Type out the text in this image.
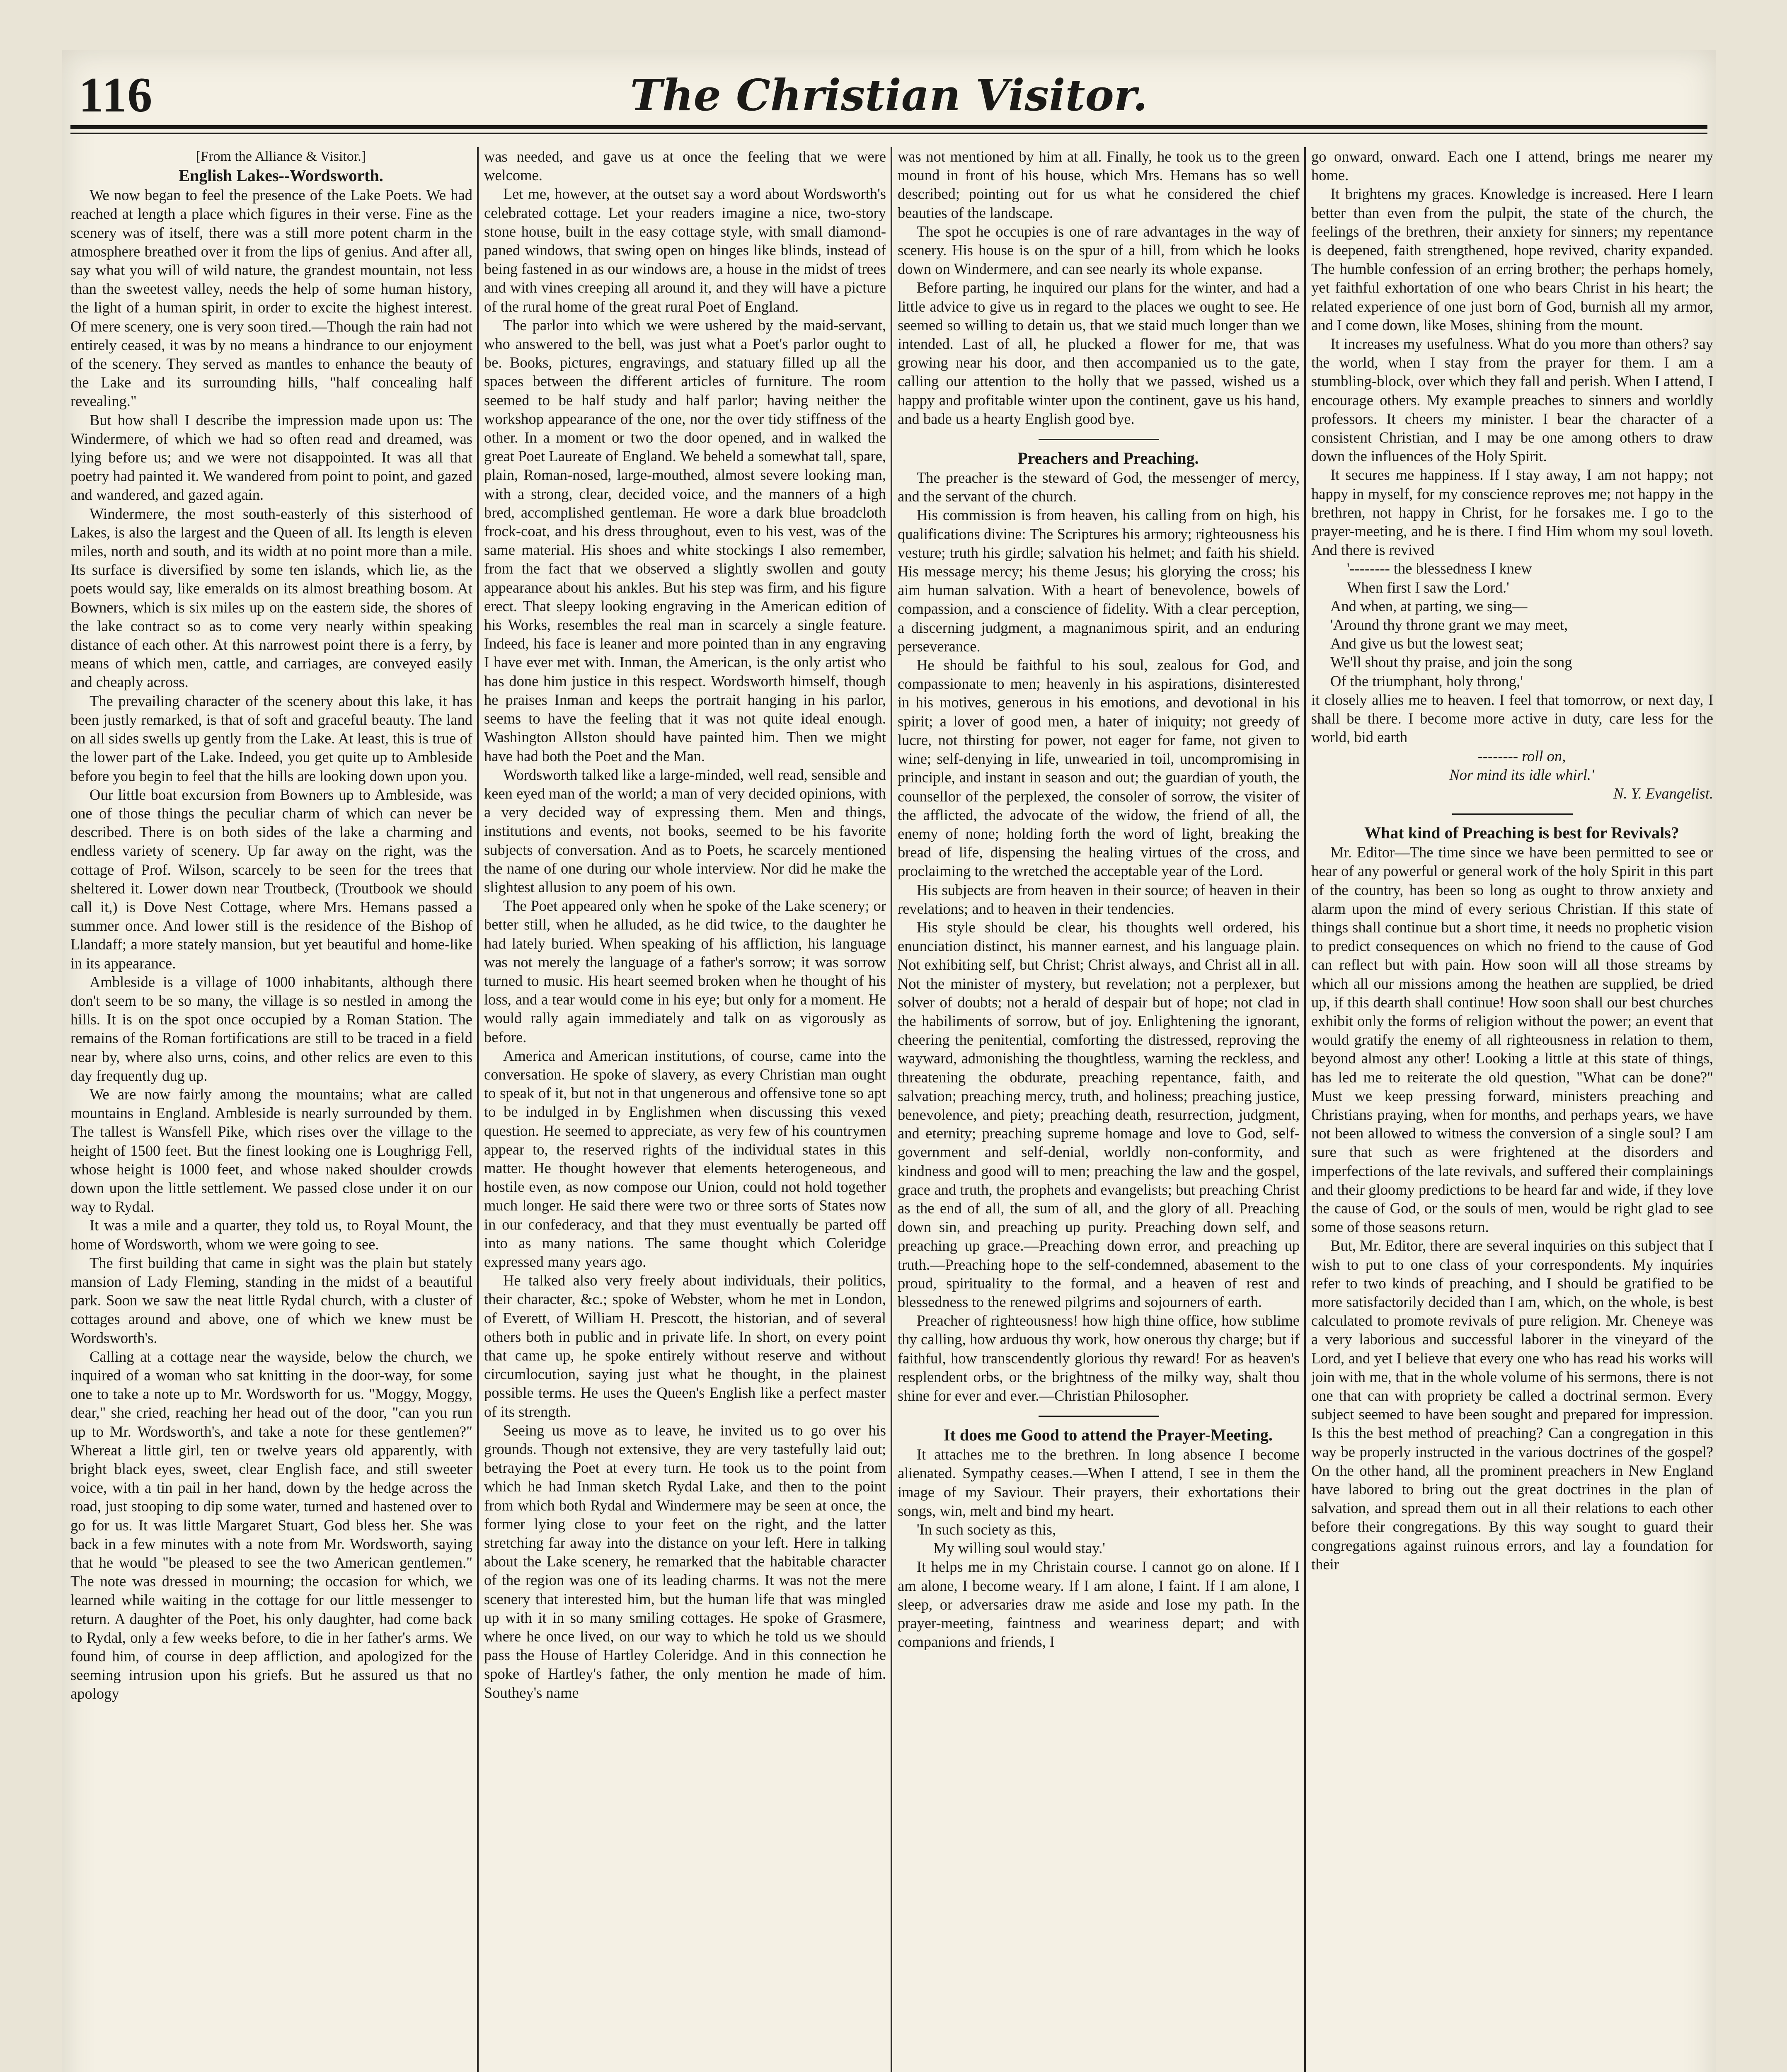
116	The Christian Visitor.

[From the Alliance & Visitor.]

English Lakes--Wordsworth.

We now began to feel the presence of the Lake Poets. We had reached at length a place which figures in their verse. Fine as the scenery was of itself, there was a still more potent charm in the atmosphere breathed over it from the lips of genius. And after all, say what you will of wild nature, the grandest mountain, not less than the sweetest valley, needs the help of some human history, the light of a human spirit, in order to excite the highest interest. Of mere scenery, one is very soon tired.—Though the rain had not entirely ceased, it was by no means a hindrance to our enjoyment of the scenery. They served as mantles to enhance the beauty of the Lake and its surrounding hills, "half concealing half revealing."

But how shall I describe the impression made upon us: The Windermere, of which we had so often read and dreamed, was lying before us; and we were not disappointed. It was all that poetry had painted it. We wandered from point to point, and gazed and wandered, and gazed again.

Windermere, the most south-easterly of this sisterhood of Lakes, is also the largest and the Queen of all. Its length is eleven miles, north and south, and its width at no point more than a mile. Its surface is diversified by some ten islands, which lie, as the poets would say, like emeralds on its almost breathing bosom. At Bowners, which is six miles up on the eastern side, the shores of the lake contract so as to come very nearly within speaking distance of each other. At this narrowest point there is a ferry, by means of which men, cattle, and carriages, are conveyed easily and cheaply across.

The prevailing character of the scenery about this lake, it has been justly remarked, is that of soft and graceful beauty. The land on all sides swells up gently from the Lake. At least, this is true of the lower part of the Lake. Indeed, you get quite up to Ambleside before you begin to feel that the hills are looking down upon you.

Our little boat excursion from Bowners up to Ambleside, was one of those things the peculiar charm of which can never be described. There is on both sides of the lake a charming and endless variety of scenery. Up far away on the right, was the cottage of Prof. Wilson, scarcely to be seen for the trees that sheltered it. Lower down near Troutbeck, (Troutbook we should call it,) is Dove Nest Cottage, where Mrs. Hemans passed a summer once. And lower still is the residence of the Bishop of Llandaff; a more stately mansion, but yet beautiful and home-like in its appearance.

Ambleside is a village of 1000 inhabitants, although there don't seem to be so many, the village is so nestled in among the hills. It is on the spot once occupied by a Roman Station. The remains of the Roman fortifications are still to be traced in a field near by, where also urns, coins, and other relics are even to this day frequently dug up.

We are now fairly among the mountains; what are called mountains in England. Ambleside is nearly surrounded by them. The tallest is Wansfell Pike, which rises over the village to the height of 1500 feet. But the finest looking one is Loughrigg Fell, whose height is 1000 feet, and whose naked shoulder crowds down upon the little settlement. We passed close under it on our way to Rydal.

It was a mile and a quarter, they told us, to Royal Mount, the home of Wordsworth, whom we were going to see.

The first building that came in sight was the plain but stately mansion of Lady Fleming, standing in the midst of a beautiful park. Soon we saw the neat little Rydal church, with a cluster of cottages around and above, one of which we knew must be Wordsworth's.

Calling at a cottage near the wayside, below the church, we inquired of a woman who sat knitting in the door-way, for some one to take a note up to Mr. Wordsworth for us. "Moggy, Moggy, dear," she cried, reaching her head out of the door, "can you run up to Mr. Wordsworth's, and take a note for these gentlemen?" Whereat a little girl, ten or twelve years old apparently, with bright black eyes, sweet, clear English face, and still sweeter voice, with a tin pail in her hand, down by the hedge across the road, just stooping to dip some water, turned and hastened over to go for us. It was little Margaret Stuart, God bless her. She was back in a few minutes with a note from Mr. Wordsworth, saying that he would "be pleased to see the two American gentlemen." The note was dressed in mourning; the occasion for which, we learned while waiting in the cottage for our little messenger to return. A daughter of the Poet, his only daughter, had come back to Rydal, only a few weeks before, to die in her father's arms. We found him, of course in deep affliction, and apologized for the seeming intrusion upon his griefs. But he assured us that no apology

was needed, and gave us at once the feeling that we were welcome.

Let me, however, at the outset say a word about Wordsworth's celebrated cottage. Let your readers imagine a nice, two-story stone house, built in the easy cottage style, with small diamond-paned windows, that swing open on hinges like blinds, instead of being fastened in as our windows are, a house in the midst of trees and with vines creeping all around it, and they will have a picture of the rural home of the great rural Poet of England.

The parlor into which we were ushered by the maid-servant, who answered to the bell, was just what a Poet's parlor ought to be. Books, pictures, engravings, and statuary filled up all the spaces between the different articles of furniture. The room seemed to be half study and half parlor; having neither the workshop appearance of the one, nor the over tidy stiffness of the other. In a moment or two the door opened, and in walked the great Poet Laureate of England. We beheld a somewhat tall, spare, plain, Roman-nosed, large-mouthed, almost severe looking man, with a strong, clear, decided voice, and the manners of a high bred, accomplished gentleman. He wore a dark blue broadcloth frock-coat, and his dress throughout, even to his vest, was of the same material. His shoes and white stockings I also remember, from the fact that we observed a slightly swollen and gouty appearance about his ankles. But his step was firm, and his figure erect. That sleepy looking engraving in the American edition of his Works, resembles the real man in scarcely a single feature. Indeed, his face is leaner and more pointed than in any engraving I have ever met with. Inman, the American, is the only artist who has done him justice in this respect. Wordsworth himself, though he praises Inman and keeps the portrait hanging in his parlor, seems to have the feeling that it was not quite ideal enough. Washington Allston should have painted him. Then we might have had both the Poet and the Man.

Wordsworth talked like a large-minded, well read, sensible and keen eyed man of the world; a man of very decided opinions, with a very decided way of expressing them. Men and things, institutions and events, not books, seemed to be his favorite subjects of conversation. And as to Poets, he scarcely mentioned the name of one during our whole interview. Nor did he make the slightest allusion to any poem of his own.

The Poet appeared only when he spoke of the Lake scenery; or better still, when he alluded, as he did twice, to the daughter he had lately buried. When speaking of his affliction, his language was not merely the language of a father's sorrow; it was sorrow turned to music. His heart seemed broken when he thought of his loss, and a tear would come in his eye; but only for a moment. He would rally again immediately and talk on as vigorously as before.

America and American institutions, of course, came into the conversation. He spoke of slavery, as every Christian man ought to speak of it, but not in that ungenerous and offensive tone so apt to be indulged in by Englishmen when discussing this vexed question. He seemed to appreciate, as very few of his countrymen appear to, the reserved rights of the individual states in this matter. He thought however that elements heterogeneous, and hostile even, as now compose our Union, could not hold together much longer. He said there were two or three sorts of States now in our confederacy, and that they must eventually be parted off into as many nations. The same thought which Coleridge expressed many years ago.

He talked also very freely about individuals, their politics, their character, &c.; spoke of Webster, whom he met in London, of Everett, of William H. Prescott, the historian, and of several others both in public and in private life. In short, on every point that came up, he spoke entirely without reserve and without circumlocution, saying just what he thought, in the plainest possible terms. He uses the Queen's English like a perfect master of its strength.

Seeing us move as to leave, he invited us to go over his grounds. Though not extensive, they are very tastefully laid out; betraying the Poet at every turn. He took us to the point from which he had Inman sketch Rydal Lake, and then to the point from which both Rydal and Windermere may be seen at once, the former lying close to your feet on the right, and the latter stretching far away into the distance on your left. Here in talking about the Lake scenery, he remarked that the habitable character of the region was one of its leading charms. It was not the mere scenery that interested him, but the human life that was mingled up with it in so many smiling cottages. He spoke of Grasmere, where he once lived, on our way to which he told us we should pass the House of Hartley Coleridge. And in this connection he spoke of Hartley's father, the only mention he made of him. Southey's name

was not mentioned by him at all. Finally, he took us to the green mound in front of his house, which Mrs. Hemans has so well described; pointing out for us what he considered the chief beauties of the landscape.

The spot he occupies is one of rare advantages in the way of scenery. His house is on the spur of a hill, from which he looks down on Windermere, and can see nearly its whole expanse.

Before parting, he inquired our plans for the winter, and had a little advice to give us in regard to the places we ought to see. He seemed so willing to detain us, that we staid much longer than we intended. Last of all, he plucked a flower for me, that was growing near his door, and then accompanied us to the gate, calling our attention to the holly that we passed, wished us a happy and profitable winter upon the continent, gave us his hand, and bade us a hearty English good bye.

Preachers and Preaching.

The preacher is the steward of God, the messenger of mercy, and the servant of the church.

His commission is from heaven, his calling from on high, his qualifications divine: The Scriptures his armory; righteousness his vesture; truth his girdle; salvation his helmet; and faith his shield. His message mercy; his theme Jesus; his glorying the cross; his aim human salvation. With a heart of benevolence, bowels of compassion, and a conscience of fidelity. With a clear perception, a discerning judgment, a magnanimous spirit, and an enduring perseverance.

He should be faithful to his soul, zealous for God, and compassionate to men; heavenly in his aspirations, disinterested in his motives, generous in his emotions, and devotional in his spirit; a lover of good men, a hater of iniquity; not greedy of lucre, not thirsting for power, not eager for fame, not given to wine; self-denying in life, unwearied in toil, uncompromising in principle, and instant in season and out; the guardian of youth, the counsellor of the perplexed, the consoler of sorrow, the visiter of the afflicted, the advocate of the widow, the friend of all, the enemy of none; holding forth the word of light, breaking the bread of life, dispensing the healing virtues of the cross, and proclaiming to the wretched the acceptable year of the Lord.

His subjects are from heaven in their source; of heaven in their revelations; and to heaven in their tendencies.

His style should be clear, his thoughts well ordered, his enunciation distinct, his manner earnest, and his language plain. Not exhibiting self, but Christ; Christ always, and Christ all in all. Not the minister of mystery, but revelation; not a perplexer, but solver of doubts; not a herald of despair but of hope; not clad in the habiliments of sorrow, but of joy. Enlightening the ignorant, cheering the penitential, comforting the distressed, reproving the wayward, admonishing the thoughtless, warning the reckless, and threatening the obdurate, preaching repentance, faith, and salvation; preaching mercy, truth, and holiness; preaching justice, benevolence, and piety; preaching death, resurrection, judgment, and eternity; preaching supreme homage and love to God, self-government and self-denial, worldly non-conformity, and kindness and good will to men; preaching the law and the gospel, grace and truth, the prophets and evangelists; but preaching Christ as the end of all, the sum of all, and the glory of all. Preaching down sin, and preaching up purity. Preaching down self, and preaching up grace.—Preaching down error, and preaching up truth.—Preaching hope to the self-condemned, abasement to the proud, spirituality to the formal, and a heaven of rest and blessedness to the renewed pilgrims and sojourners of earth.

Preacher of righteousness! how high thine office, how sublime thy calling, how arduous thy work, how onerous thy charge; but if faithful, how transcendently glorious thy reward! For as heaven's resplendent orbs, or the brightness of the milky way, shalt thou shine for ever and ever.—Christian Philosopher.

It does me Good to attend the Prayer-Meeting.

It attaches me to the brethren. In long absence I become alienated. Sympathy ceases.—When I attend, I see in them the image of my Saviour. Their prayers, their exhortations their songs, win, melt and bind my heart.

'In such society as this,
My willing soul would stay.'

It helps me in my Christain course. I cannot go on alone. If I am alone, I become weary. If I am alone, I faint. If I am alone, I sleep, or adversaries draw me aside and lose my path. In the prayer-meeting, faintness and weariness depart; and with companions and friends, I

go onward, onward. Each one I attend, brings me nearer my home.

It brightens my graces. Knowledge is increased. Here I learn better than even from the pulpit, the state of the church, the feelings of the brethren, their anxiety for sinners; my repentance is deepened, faith strengthened, hope revived, charity expanded. The humble confession of an erring brother; the perhaps homely, yet faithful exhortation of one who bears Christ in his heart; the related experience of one just born of God, burnish all my armor, and I come down, like Moses, shining from the mount.

It increases my usefulness. What do you more than others? say the world, when I stay from the prayer for them. I am a stumbling-block, over which they fall and perish. When I attend, I encourage others. My example preaches to sinners and worldly professors. It cheers my minister. I bear the character of a consistent Christian, and I may be one among others to draw down the influences of the Holy Spirit.

It secures me happiness. If I stay away, I am not happy; not happy in myself, for my conscience reproves me; not happy in the brethren, not happy in Christ, for he forsakes me. I go to the prayer-meeting, and he is there. I find Him whom my soul loveth. And there is revived

'-------- the blessedness I knew
When first I saw the Lord.'

And when, at parting, we sing—
'Around thy throne grant we may meet,
And give us but the lowest seat;
We'll shout thy praise, and join the song
Of the triumphant, holy throng,'

it closely allies me to heaven. I feel that tomorrow, or next day, I shall be there. I become more active in duty, care less for the world, bid earth

-------- roll on,

Nor mind its idle whirl.'

N. Y. Evangelist.

What kind of Preaching is best for Revivals?

Mr. Editor—The time since we have been permitted to see or hear of any powerful or general work of the holy Spirit in this part of the country, has been so long as ought to throw anxiety and alarm upon the mind of every serious Christian. If this state of things shall continue but a short time, it needs no prophetic vision to predict consequences on which no friend to the cause of God can reflect but with pain. How soon will all those streams by which all our missions among the heathen are supplied, be dried up, if this dearth shall continue! How soon shall our best churches exhibit only the forms of religion without the power; an event that would gratify the enemy of all righteousness in relation to them, beyond almost any other! Looking a little at this state of things, has led me to reiterate the old question, "What can be done?" Must we keep pressing forward, ministers preaching and Christians praying, when for months, and perhaps years, we have not been allowed to witness the conversion of a single soul? I am sure that such as were frightened at the disorders and imperfections of the late revivals, and suffered their complainings and their gloomy predictions to be heard far and wide, if they love the cause of God, or the souls of men, would be right glad to see some of those seasons return.

But, Mr. Editor, there are several inquiries on this subject that I wish to put to one class of your correspondents. My inquiries refer to two kinds of preaching, and I should be gratified to be more satisfactorily decided than I am, which, on the whole, is best calculated to promote revivals of pure religion. Mr. Cheneye was a very laborious and successful laborer in the vineyard of the Lord, and yet I believe that every one who has read his works will join with me, that in the whole volume of his sermons, there is not one that can with propriety be called a doctrinal sermon. Every subject seemed to have been sought and prepared for impression. Is this the best method of preaching? Can a congregation in this way be properly instructed in the various doctrines of the gospel? On the other hand, all the prominent preachers in New England have labored to bring out the great doctrines in the plan of salvation, and spread them out in all their relations to each other before their congregations. By this way sought to guard their congregations against ruinous errors, and lay a foundation for their
